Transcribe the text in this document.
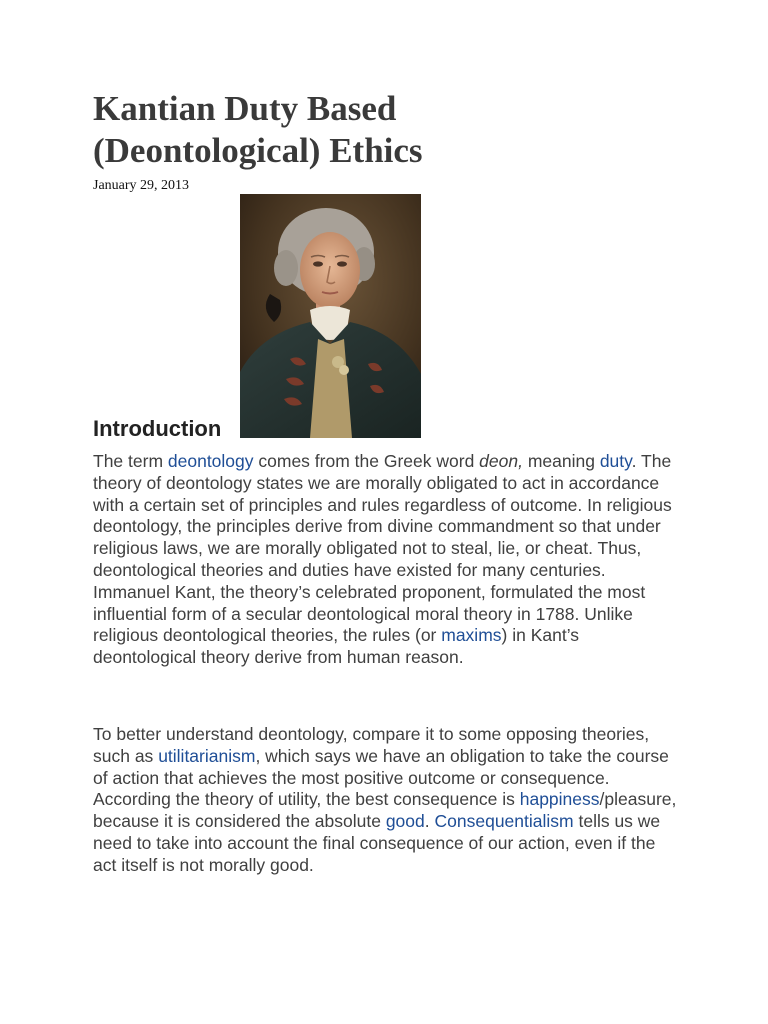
Kantian Duty Based
(Deontological) Ethics

January 29, 2013

Introduction

The term deontology comes from the Greek word deon, meaning duty. The theory of deontology states we are morally obligated to act in accordance with a certain set of principles and rules regardless of outcome. In religious deontology, the principles derive from divine commandment so that under religious laws, we are morally obligated not to steal, lie, or cheat. Thus, deontological theories and duties have existed for many centuries. Immanuel Kant, the theory’s celebrated proponent, formulated the most influential form of a secular deontological moral theory in 1788. Unlike religious deontological theories, the rules (or maxims) in Kant’s deontological theory derive from human reason.

To better understand deontology, compare it to some opposing theories, such as utilitarianism, which says we have an obligation to take the course of action that achieves the most positive outcome or consequence. According the theory of utility, the best consequence is happiness/pleasure, because it is considered the absolute good. Consequentialism tells us we need to take into account the final consequence of our action, even if the act itself is not morally good.
